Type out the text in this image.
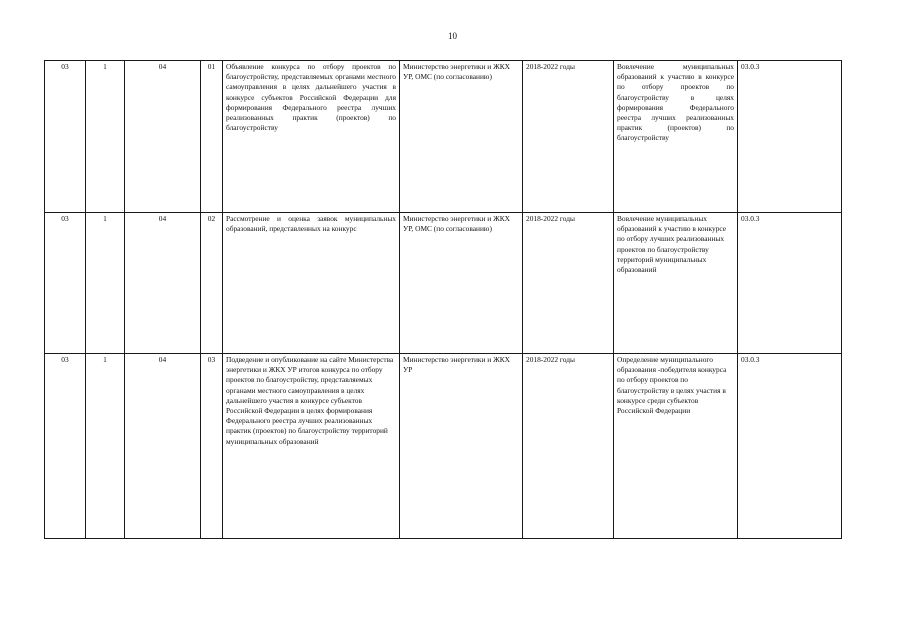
10
03	1	04	01	Объявление конкурса по отбору проектов по благоустройству, представляемых органами местного самоуправления в целях дальнейшего участия в конкурсе субъектов Российской Федерации для формирования Федерального реестра лучших реализованных практик (проектов) по благоустройству	Министерство энергетики и ЖКХ УР, ОМС (по согласованию)	2018-2022 годы	Вовлечение муниципальных образований к участию в конкурсе по отбору проектов по благоустройству в целях формирования Федерального реестра лучших реализованных практик (проектов) по благоустройству	03.0.3
03	1	04	02	Рассмотрение и оценка заявок муниципальных образований, представленных на конкурс	Министерство энергетики и ЖКХ УР, ОМС (по согласованию)	2018-2022 годы	Вовлечение муниципальных образований к участию в конкурсе по отбору лучших реализованных проектов по благоустройству территорий муниципальных образований	03.0.3
03	1	04	03	Подведение и опубликование на сайте Министерства энергетики и ЖКХ УР итогов конкурса по отбору проектов по благоустройству, представляемых органами местного самоуправления в целях дальнейшего участия в конкурсе субъектов Российской Федерации в целях формирования Федерального реестра лучших реализованных практик (проектов) по благоустройству территорий муниципальных образований	Министерство энергетики и ЖКХ УР	2018-2022 годы	Определение муниципального образования -победителя конкурса по отбору проектов по благоустройству в целях участия в конкурсе среди субъектов Российской Федерации	03.0.3
